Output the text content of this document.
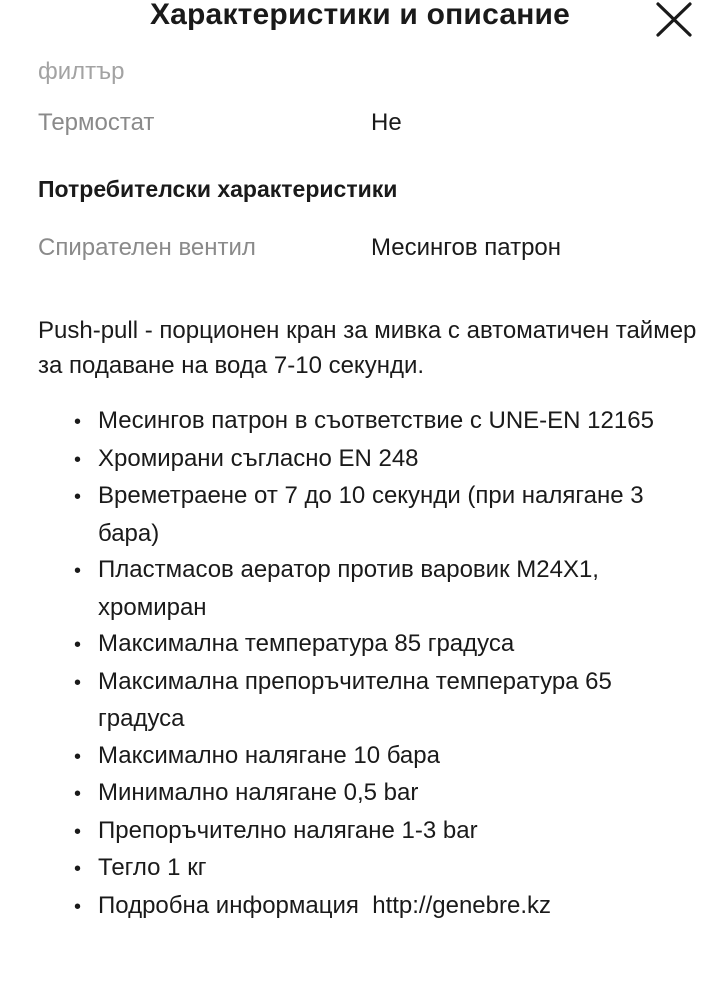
Характеристики и описание
филтър
Термостат	Не
Потребителски характеристики
Спирателен вентил	Месингов патрон
Push-pull - порционен кран за мивка с автоматичен таймер за подаване на вода 7-10 секунди.
• Месингов патрон в съответствие с UNE-EN 12165
• Хромирани съгласно EN 248
• Времетраене от 7 до 10 секунди (при налягане 3 бара)
• Пластмасов аератор против варовик М24Х1, хромиран
• Максимална температура 85 градуса
• Максимална препоръчителна температура 65 градуса
• Максимално налягане 10 бара
• Минимално налягане 0,5 bar
• Препоръчително налягане 1-3 bar
• Тегло 1 кг
• Подробна информация  http://genebre.kz
